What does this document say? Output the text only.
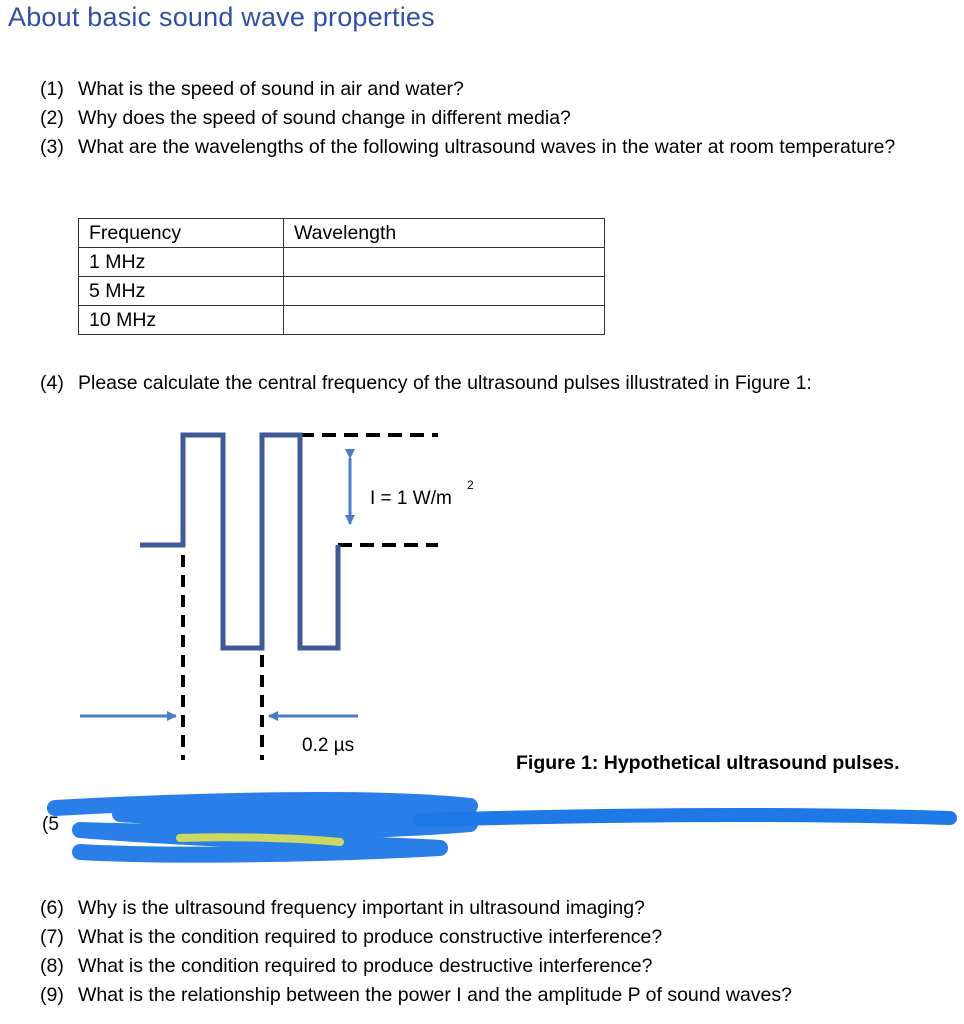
About basic sound wave properties
(1) What is the speed of sound in air and water?
(2) Why does the speed of sound change in different media?
(3) What are the wavelengths of the following ultrasound waves in the water at room temperature?
Frequency	Wavelength
1 MHz	
5 MHz	
10 MHz	
(4) Please calculate the central frequency of the ultrasound pulses illustrated in Figure 1:
I = 1 W/m
2
0.2 µs
Figure 1: Hypothetical ultrasound pulses.
(5
(6) Why is the ultrasound frequency important in ultrasound imaging?
(7) What is the condition required to produce constructive interference?
(8) What is the condition required to produce destructive interference?
(9) What is the relationship between the power I and the amplitude P of sound waves?
